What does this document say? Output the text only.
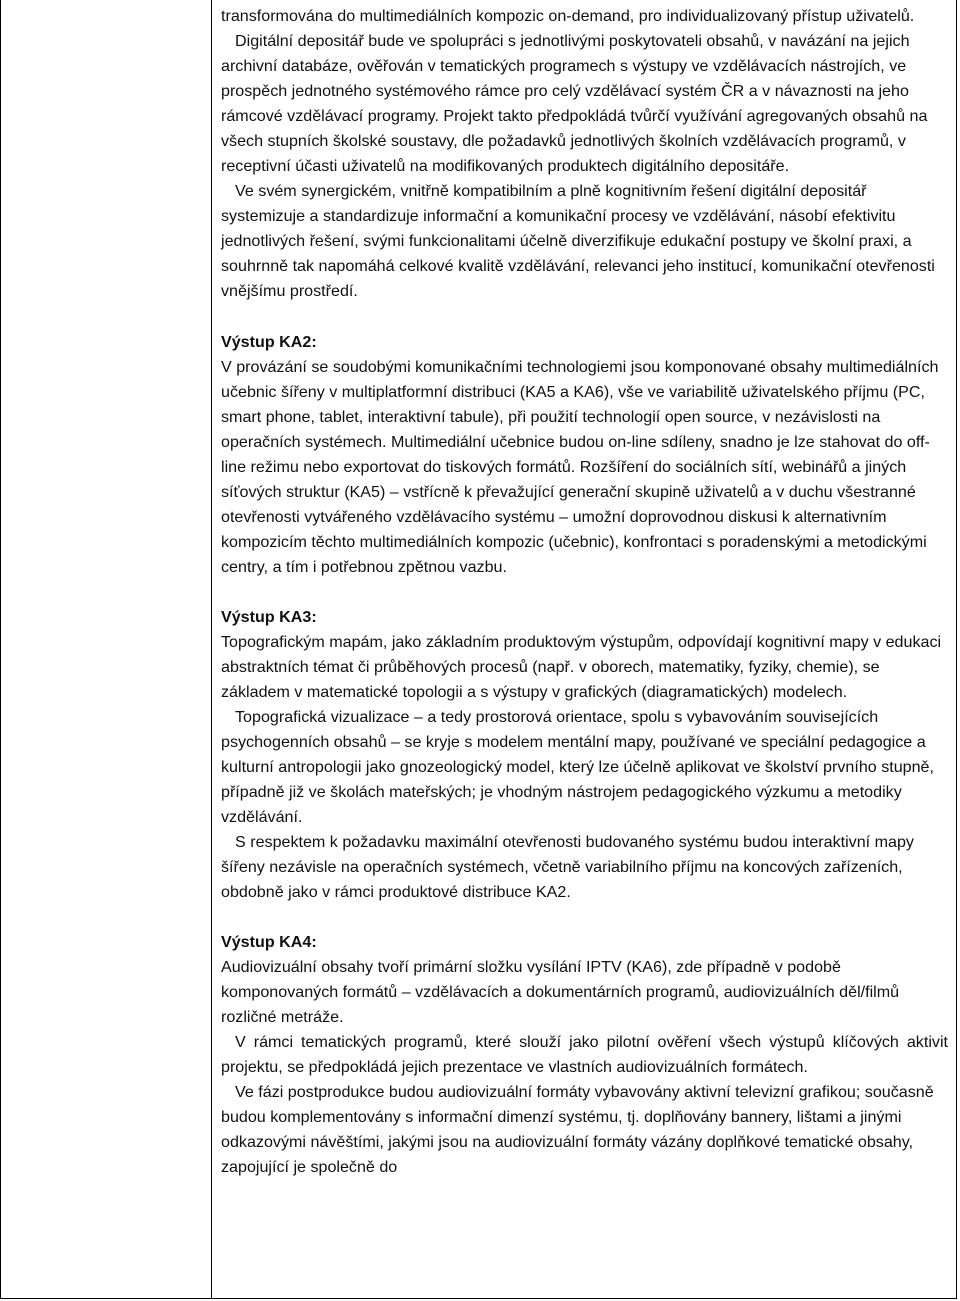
transformována do multimediálních kompozic on-demand, pro individualizovaný přístup uživatelů.

Digitální depositář bude ve spolupráci s jednotlivými poskytovateli obsahů, v navázání na jejich archivní databáze, ověřován v tematických programech s výstupy ve vzdělávacích nástrojích, ve prospěch jednotného systémového rámce pro celý vzdělávací systém ČR a v návaznosti na jeho rámcové vzdělávací programy. Projekt takto předpokládá tvůrčí využívání agregovaných obsahů na všech stupních školské soustavy, dle požadavků jednotlivých školních vzdělávacích programů, v receptivní účasti uživatelů na modifikovaných produktech digitálního depositáře.

Ve svém synergickém, vnitřně kompatibilním a plně kognitivním řešení digitální depositář systemizuje a standardizuje informační a komunikační procesy ve vzdělávání, násobí efektivitu jednotlivých řešení, svými funkcionalitami účelně diverzifikuje edukační postupy ve školní praxi, a souhrnně tak napomáhá celkové kvalitě vzdělávání, relevanci jeho institucí, komunikační otevřenosti vnějšímu prostředí.

Výstup KA2:

V provázání se soudobými komunikačními technologiemi jsou komponované obsahy multimediálních učebnic šířeny v multiplatformní distribuci (KA5 a KA6), vše ve variabilitě uživatelského příjmu (PC, smart phone, tablet, interaktivní tabule), při použití technologií open source, v nezávislosti na operačních systémech. Multimediální učebnice budou on-line sdíleny, snadno je lze stahovat do off-line režimu nebo exportovat do tiskových formátů. Rozšíření do sociálních sítí, webinářů a jiných síťových struktur (KA5) – vstřícně k převažující generační skupině uživatelů a v duchu všestranné otevřenosti vytvářeného vzdělávacího systému – umožní doprovodnou diskusi k alternativním kompozicím těchto multimediálních kompozic (učebnic), konfrontaci s poradenskými a metodickými centry, a tím i potřebnou zpětnou vazbu.

Výstup KA3:

Topografickým mapám, jako základním produktovým výstupům, odpovídají kognitivní mapy v edukaci abstraktních témat či průběhových procesů (např. v oborech, matematiky, fyziky, chemie), se základem v matematické topologii a s výstupy v grafických (diagramatických) modelech.

Topografická vizualizace – a tedy prostorová orientace, spolu s vybavováním souvisejících psychogenních obsahů – se kryje s modelem mentální mapy, používané ve speciální pedagogice a kulturní antropologii jako gnozeologický model, který lze účelně aplikovat ve školství prvního stupně, případně již ve školách mateřských; je vhodným nástrojem pedagogického výzkumu a metodiky vzdělávání.

S respektem k požadavku maximální otevřenosti budovaného systému budou interaktivní mapy šířeny nezávisle na operačních systémech, včetně variabilního příjmu na koncových zařízeních, obdobně jako v rámci produktové distribuce KA2.

Výstup KA4:

Audiovizuální obsahy tvoří primární složku vysílání IPTV (KA6), zde případně v podobě komponovaných formátů – vzdělávacích a dokumentárních programů, audiovizuálních děl/filmů rozličné metráže.

V rámci tematických programů, které slouží jako pilotní ověření všech výstupů klíčových aktivit projektu, se předpokládá jejich prezentace ve vlastních audiovizuálních formátech.

Ve fázi postprodukce budou audiovizuální formáty vybavovány aktivní televizní grafikou; současně budou komplementovány s informační dimenzí systému, tj. doplňovány bannery, lištami a jinými odkazovými návěštími, jakými jsou na audiovizuální formáty vázány doplňkové tematické obsahy, zapojující je společně do
